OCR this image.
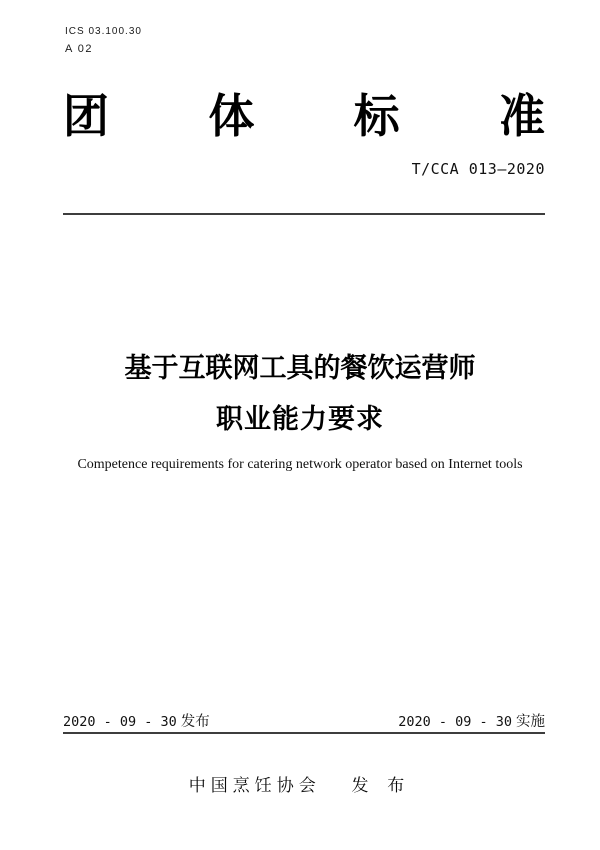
ICS 03.100.30
A 02
团 体 标 准
T/CCA 013—2020
基于互联网工具的餐饮运营师
职业能力要求
Competence requirements for catering network operator based on Internet tools
2020 - 09 - 30 发布	2020 - 09 - 30 实施
中国烹饪协会 发 布
